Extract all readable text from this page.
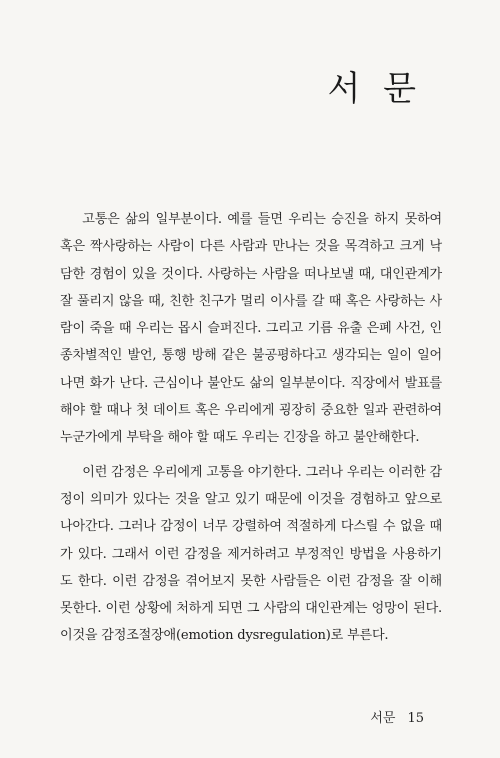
서 문

고통은 삶의 일부분이다. 예를 들면 우리는 승진을 하지 못하여 혹은 짝사랑하는 사람이 다른 사람과 만나는 것을 목격하고 크게 낙담한 경험이 있을 것이다. 사랑하는 사람을 떠나보낼 때, 대인관계가 잘 풀리지 않을 때, 친한 친구가 멀리 이사를 갈 때 혹은 사랑하는 사람이 죽을 때 우리는 몹시 슬퍼진다. 그리고 기름 유출 은폐 사건, 인종차별적인 발언, 통행 방해 같은 불공평하다고 생각되는 일이 일어나면 화가 난다. 근심이나 불안도 삶의 일부분이다. 직장에서 발표를 해야 할 때나 첫 데이트 혹은 우리에게 굉장히 중요한 일과 관련하여 누군가에게 부탁을 해야 할 때도 우리는 긴장을 하고 불안해한다.

이런 감정은 우리에게 고통을 야기한다. 그러나 우리는 이러한 감정이 의미가 있다는 것을 알고 있기 때문에 이것을 경험하고 앞으로 나아간다. 그러나 감정이 너무 강렬하여 적절하게 다스릴 수 없을 때가 있다. 그래서 이런 감정을 제거하려고 부정적인 방법을 사용하기도 한다. 이런 감정을 겪어보지 못한 사람들은 이런 감정을 잘 이해 못한다. 이런 상황에 처하게 되면 그 사람의 대인관계는 엉망이 된다. 이것을 감정조절장애(emotion dysregulation)로 부른다.

서문 15
